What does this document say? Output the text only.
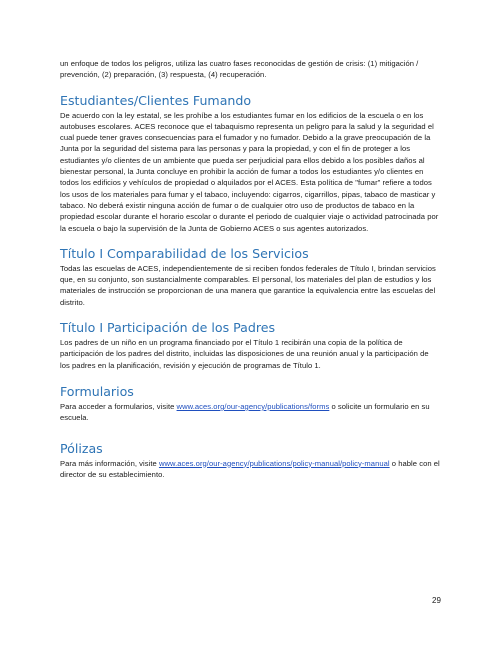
un enfoque de todos los peligros, utiliza las cuatro fases reconocidas de gestión de crisis: (1) mitigación / prevención, (2) preparación, (3) respuesta, (4) recuperación.

Estudiantes/Clientes Fumando

De acuerdo con la ley estatal, se les prohíbe a los estudiantes fumar en los edificios de la escuela o en los autobuses escolares. ACES reconoce que el tabaquismo representa un peligro para la salud y la seguridad el cual puede tener graves consecuencias para el fumador y no fumador. Debido a la grave preocupación de la Junta por la seguridad del sistema para las personas y para la propiedad, y con el fin de proteger a los estudiantes y/o clientes de un ambiente que pueda ser perjudicial para ellos debido a los posibles daños al bienestar personal, la Junta concluye en prohibir la acción de fumar a todos los estudiantes y/o clientes en todos los edificios y vehículos de propiedad o alquilados por el ACES. Esta política de "fumar" refiere a todos los usos de los materiales para fumar y el tabaco, incluyendo: cigarros, cigarrillos, pipas, tabaco de masticar y tabaco. No deberá existir ninguna acción de fumar o de cualquier otro uso de productos de tabaco en la propiedad escolar durante el horario escolar o durante el periodo de cualquier viaje o actividad patrocinada por la escuela o bajo la supervisión de la Junta de Gobierno ACES o sus agentes autorizados.

Título I Comparabilidad de los Servicios

Todas las escuelas de ACES, independientemente de si reciben fondos federales de Título I, brindan servicios que, en su conjunto, son sustancialmente comparables. El personal, los materiales del plan de estudios y los materiales de instrucción se proporcionan de una manera que garantice la equivalencia entre las escuelas del distrito.

Título I Participación de los Padres

Los padres de un niño en un programa financiado por el Título 1 recibirán una copia de la política de participación de los padres del distrito, incluidas las disposiciones de una reunión anual y la participación de los padres en la planificación, revisión y ejecución de programas de Título 1.

Formularios

Para acceder a formularios, visite www.aces.org/our-agency/publications/forms o solicite un formulario en su escuela.

Pólizas

Para más información, visite www.aces.org/our-agency/publications/policy-manual/policy-manual o hable con el director de su establecimiento.

29
